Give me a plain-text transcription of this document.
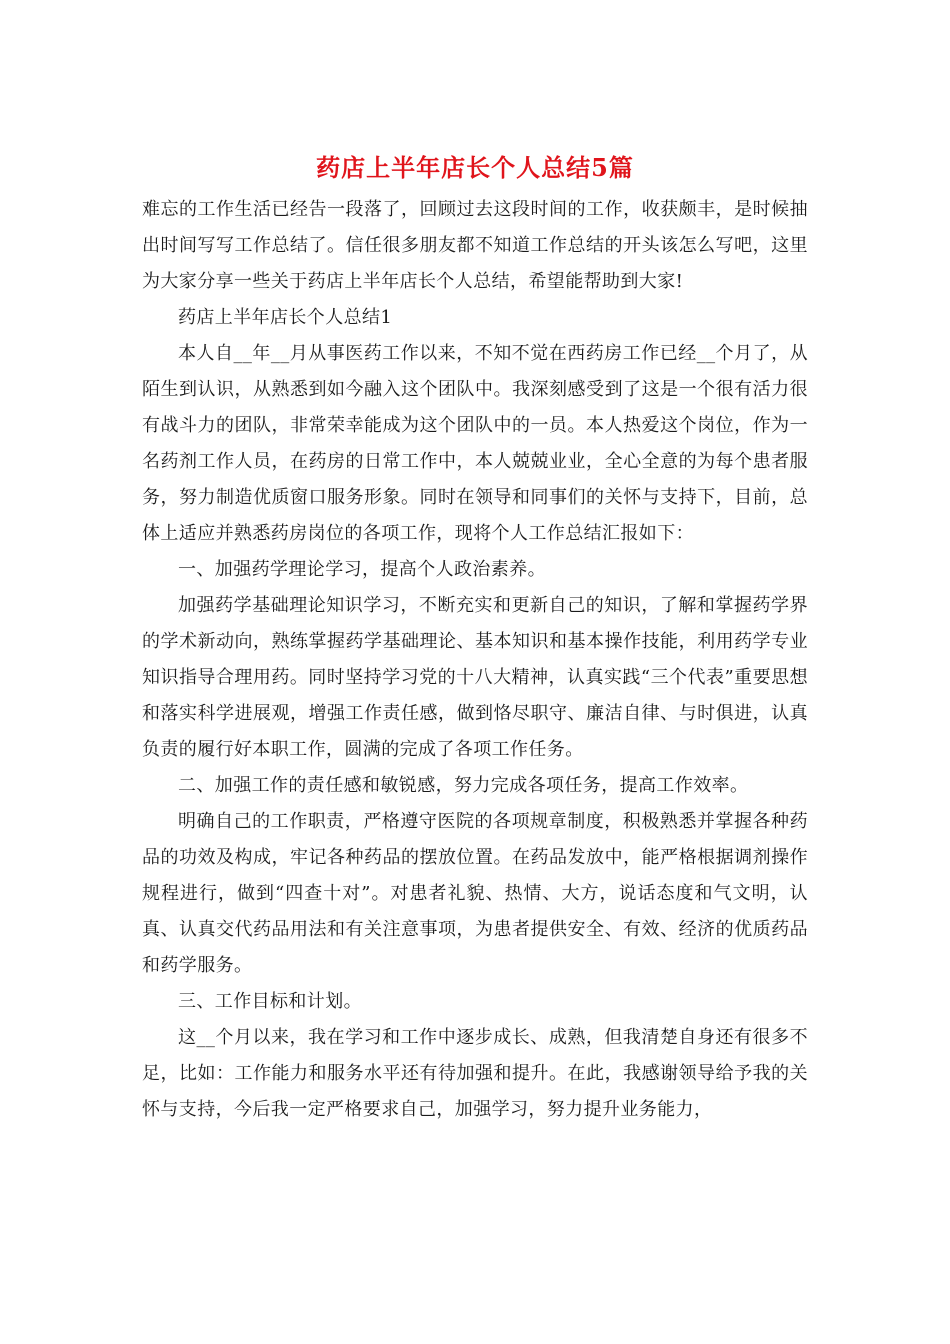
药店上半年店长个人总结5篇

难忘的工作生活已经告一段落了，回顾过去这段时间的工作，收获颇丰，是时候抽出时间写写工作总结了。信任很多朋友都不知道工作总结的开头该怎么写吧，这里为大家分享一些关于药店上半年店长个人总结，希望能帮助到大家!

药店上半年店长个人总结1

本人自__年__月从事医药工作以来，不知不觉在西药房工作已经__个月了，从陌生到认识，从熟悉到如今融入这个团队中。我深刻感受到了这是一个很有活力很有战斗力的团队，非常荣幸能成为这个团队中的一员。本人热爱这个岗位，作为一名药剂工作人员，在药房的日常工作中，本人兢兢业业，全心全意的为每个患者服务，努力制造优质窗口服务形象。同时在领导和同事们的关怀与支持下，目前，总体上适应并熟悉药房岗位的各项工作，现将个人工作总结汇报如下：

一、加强药学理论学习，提高个人政治素养。

加强药学基础理论知识学习，不断充实和更新自己的知识，了解和掌握药学界的学术新动向，熟练掌握药学基础理论、基本知识和基本操作技能，利用药学专业知识指导合理用药。同时坚持学习党的十八大精神，认真实践“三个代表”重要思想和落实科学进展观，增强工作责任感，做到恪尽职守、廉洁自律、与时俱进，认真负责的履行好本职工作，圆满的完成了各项工作任务。

二、加强工作的责任感和敏锐感，努力完成各项任务，提高工作效率。

明确自己的工作职责，严格遵守医院的各项规章制度，积极熟悉并掌握各种药品的功效及构成，牢记各种药品的摆放位置。在药品发放中，能严格根据调剂操作规程进行，做到“四查十对”。对患者礼貌、热情、大方，说话态度和气文明，认真、认真交代药品用法和有关注意事项，为患者提供安全、有效、经济的优质药品和药学服务。

三、工作目标和计划。

这__个月以来，我在学习和工作中逐步成长、成熟，但我清楚自身还有很多不足，比如：工作能力和服务水平还有待加强和提升。在此，我感谢领导给予我的关怀与支持，今后我一定严格要求自己，加强学习，努力提升业务能力，
